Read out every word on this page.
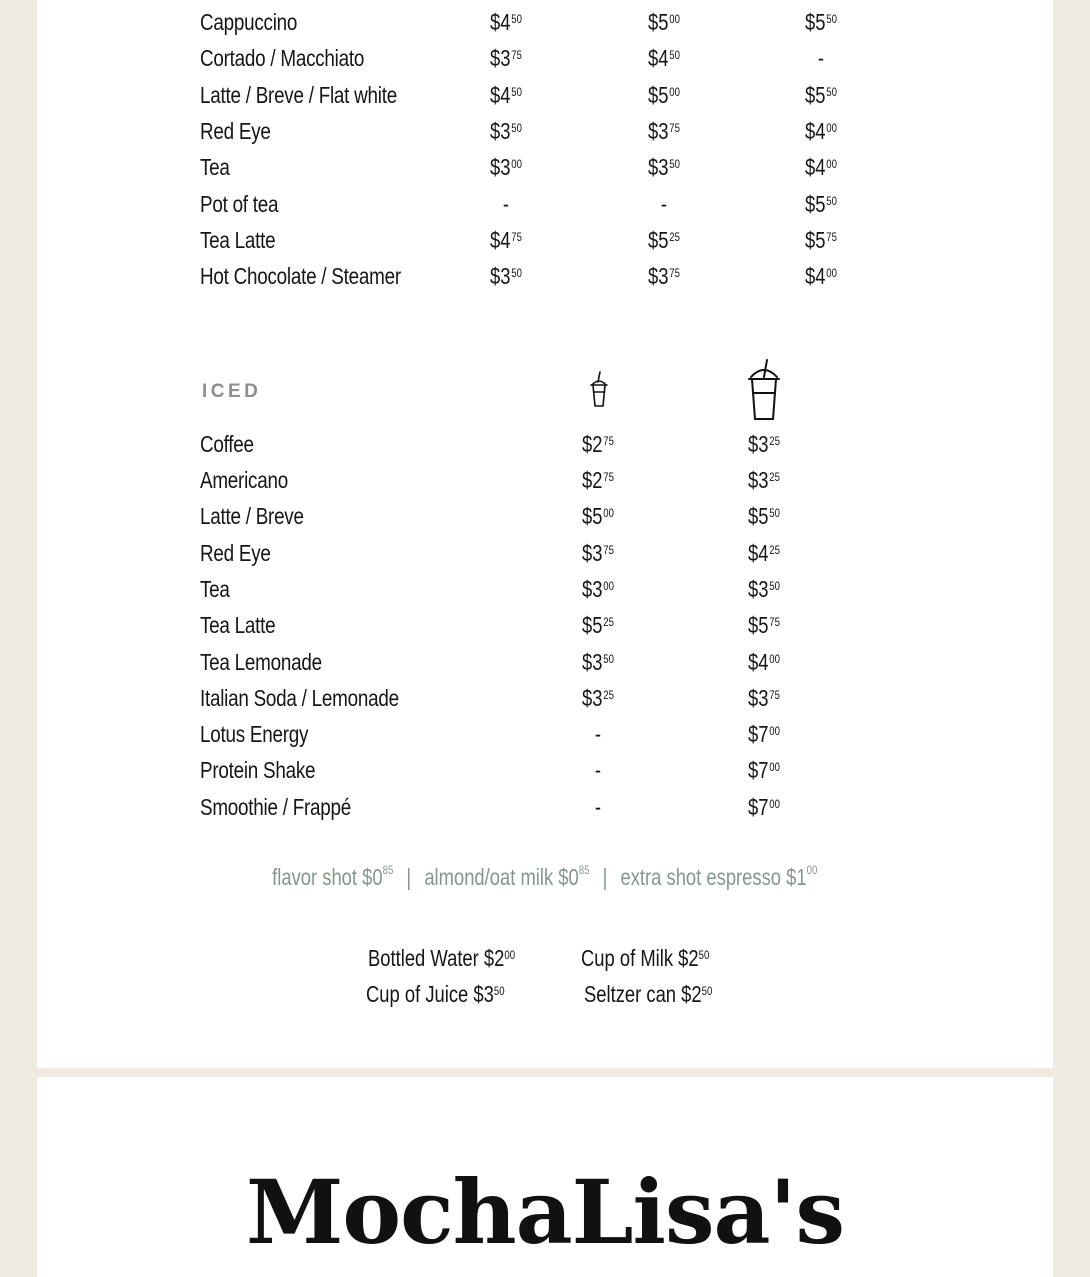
Cappuccino	$\$4^{50}$	$\$5^{00}$	$\$5^{50}$
Cortado / Macchiato	$\$3^{75}$	$\$4^{50}$	-
Latte / Breve / Flat white	$\$4^{50}$	$\$5^{00}$	$\$5^{50}$
Red Eye	$\$3^{50}$	$\$3^{75}$	$\$4^{00}$
Tea	$\$3^{00}$	$\$3^{50}$	$\$4^{00}$
Pot of tea	-	-	$\$5^{50}$
Tea Latte	$\$4^{75}$	$\$5^{25}$	$\$5^{75}$
Hot Chocolate / Steamer	$\$3^{50}$	$\$3^{75}$	$\$4^{00}$
ICED
Coffee	$\$2^{75}$	$\$3^{25}$
Americano	$\$2^{75}$	$\$3^{25}$
Latte / Breve	$\$5^{00}$	$\$5^{50}$
Red Eye	$\$3^{75}$	$\$4^{25}$
Tea	$\$3^{00}$	$\$3^{50}$
Tea Latte	$\$5^{25}$	$\$5^{75}$
Tea Lemonade	$\$3^{50}$	$\$4^{00}$
Italian Soda / Lemonade	$\$3^{25}$	$\$3^{75}$
Lotus Energy	-	$\$7^{00}$
Protein Shake	-	$\$7^{00}$
Smoothie / Frappé	-	$\$7^{00}$
flavor shot $\$0^{85}$ | almond/oat milk $\$0^{85}$ | extra shot espresso $\$1^{00}$
Bottled Water $\$2^{00}$	Cup of Milk $\$2^{50}$
Cup of Juice $\$3^{50}$	Seltzer can $\$2^{50}$
MochaLisa's
